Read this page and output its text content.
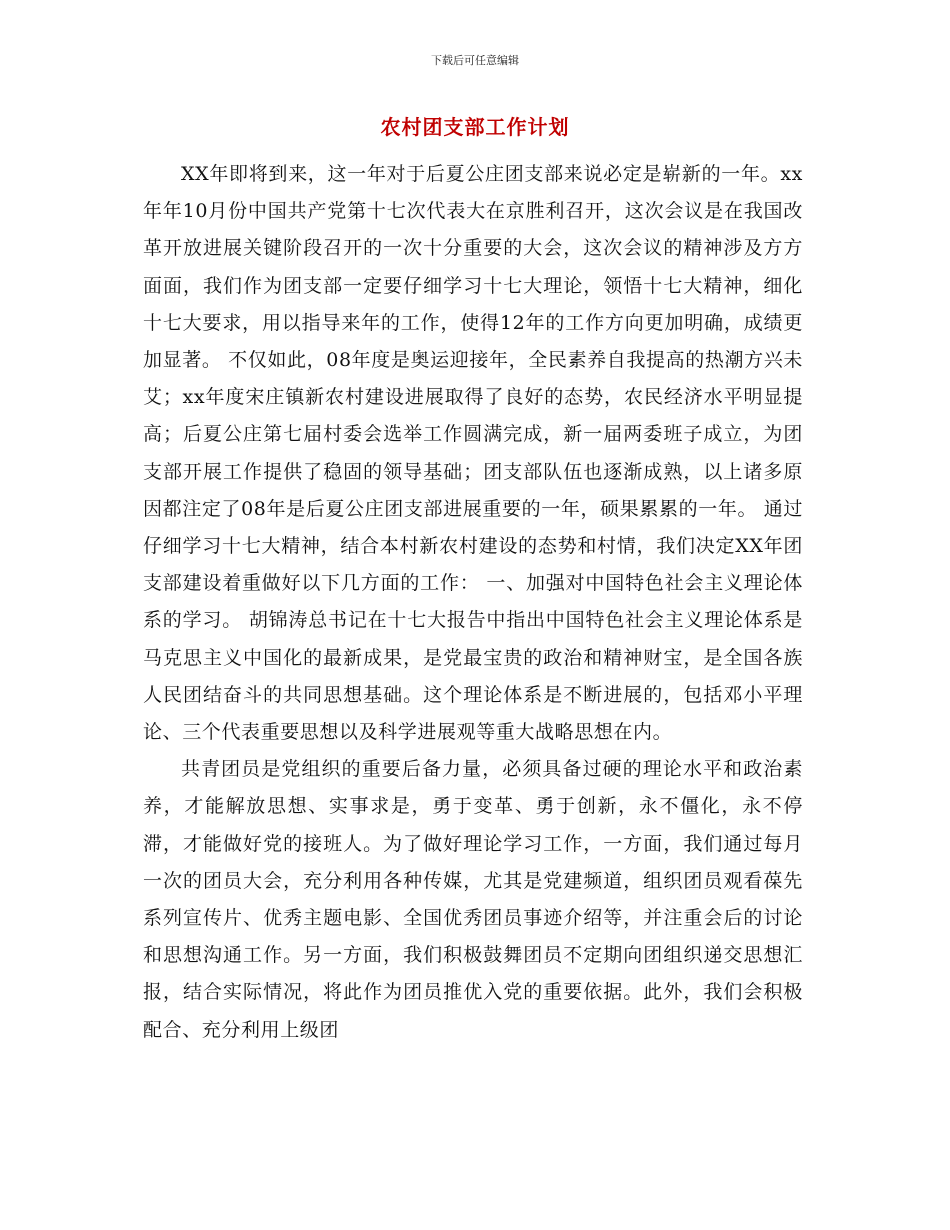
下载后可任意编辑
农村团支部工作计划

XX年即将到来，这一年对于后夏公庄团支部来说必定是崭新的一年。xx年年10月份中国共产党第十七次代表大在京胜利召开，这次会议是在我国改革开放进展关键阶段召开的一次十分重要的大会，这次会议的精神涉及方方面面，我们作为团支部一定要仔细学习十七大理论，领悟十七大精神，细化十七大要求，用以指导来年的工作，使得12年的工作方向更加明确，成绩更加显著。 不仅如此，08年度是奥运迎接年，全民素养自我提高的热潮方兴未艾；xx年度宋庄镇新农村建设进展取得了良好的态势，农民经济水平明显提高；后夏公庄第七届村委会选举工作圆满完成，新一届两委班子成立，为团支部开展工作提供了稳固的领导基础；团支部队伍也逐渐成熟，以上诸多原因都注定了08年是后夏公庄团支部进展重要的一年，硕果累累的一年。 通过仔细学习十七大精神，结合本村新农村建设的态势和村情，我们决定XX年团支部建设着重做好以下几方面的工作： 一、加强对中国特色社会主义理论体系的学习。 胡锦涛总书记在十七大报告中指出中国特色社会主义理论体系是马克思主义中国化的最新成果，是党最宝贵的政治和精神财宝，是全国各族人民团结奋斗的共同思想基础。这个理论体系是不断进展的，包括邓小平理论、三个代表重要思想以及科学进展观等重大战略思想在内。

共青团员是党组织的重要后备力量，必须具备过硬的理论水平和政治素养，才能解放思想、实事求是，勇于变革、勇于创新，永不僵化，永不停滞，才能做好党的接班人。为了做好理论学习工作，一方面，我们通过每月一次的团员大会，充分利用各种传媒，尤其是党建频道，组织团员观看葆先系列宣传片、优秀主题电影、全国优秀团员事迹介绍等，并注重会后的讨论和思想沟通工作。另一方面，我们积极鼓舞团员不定期向团组织递交思想汇报，结合实际情况，将此作为团员推优入党的重要依据。此外，我们会积极配合、充分利用上级团
